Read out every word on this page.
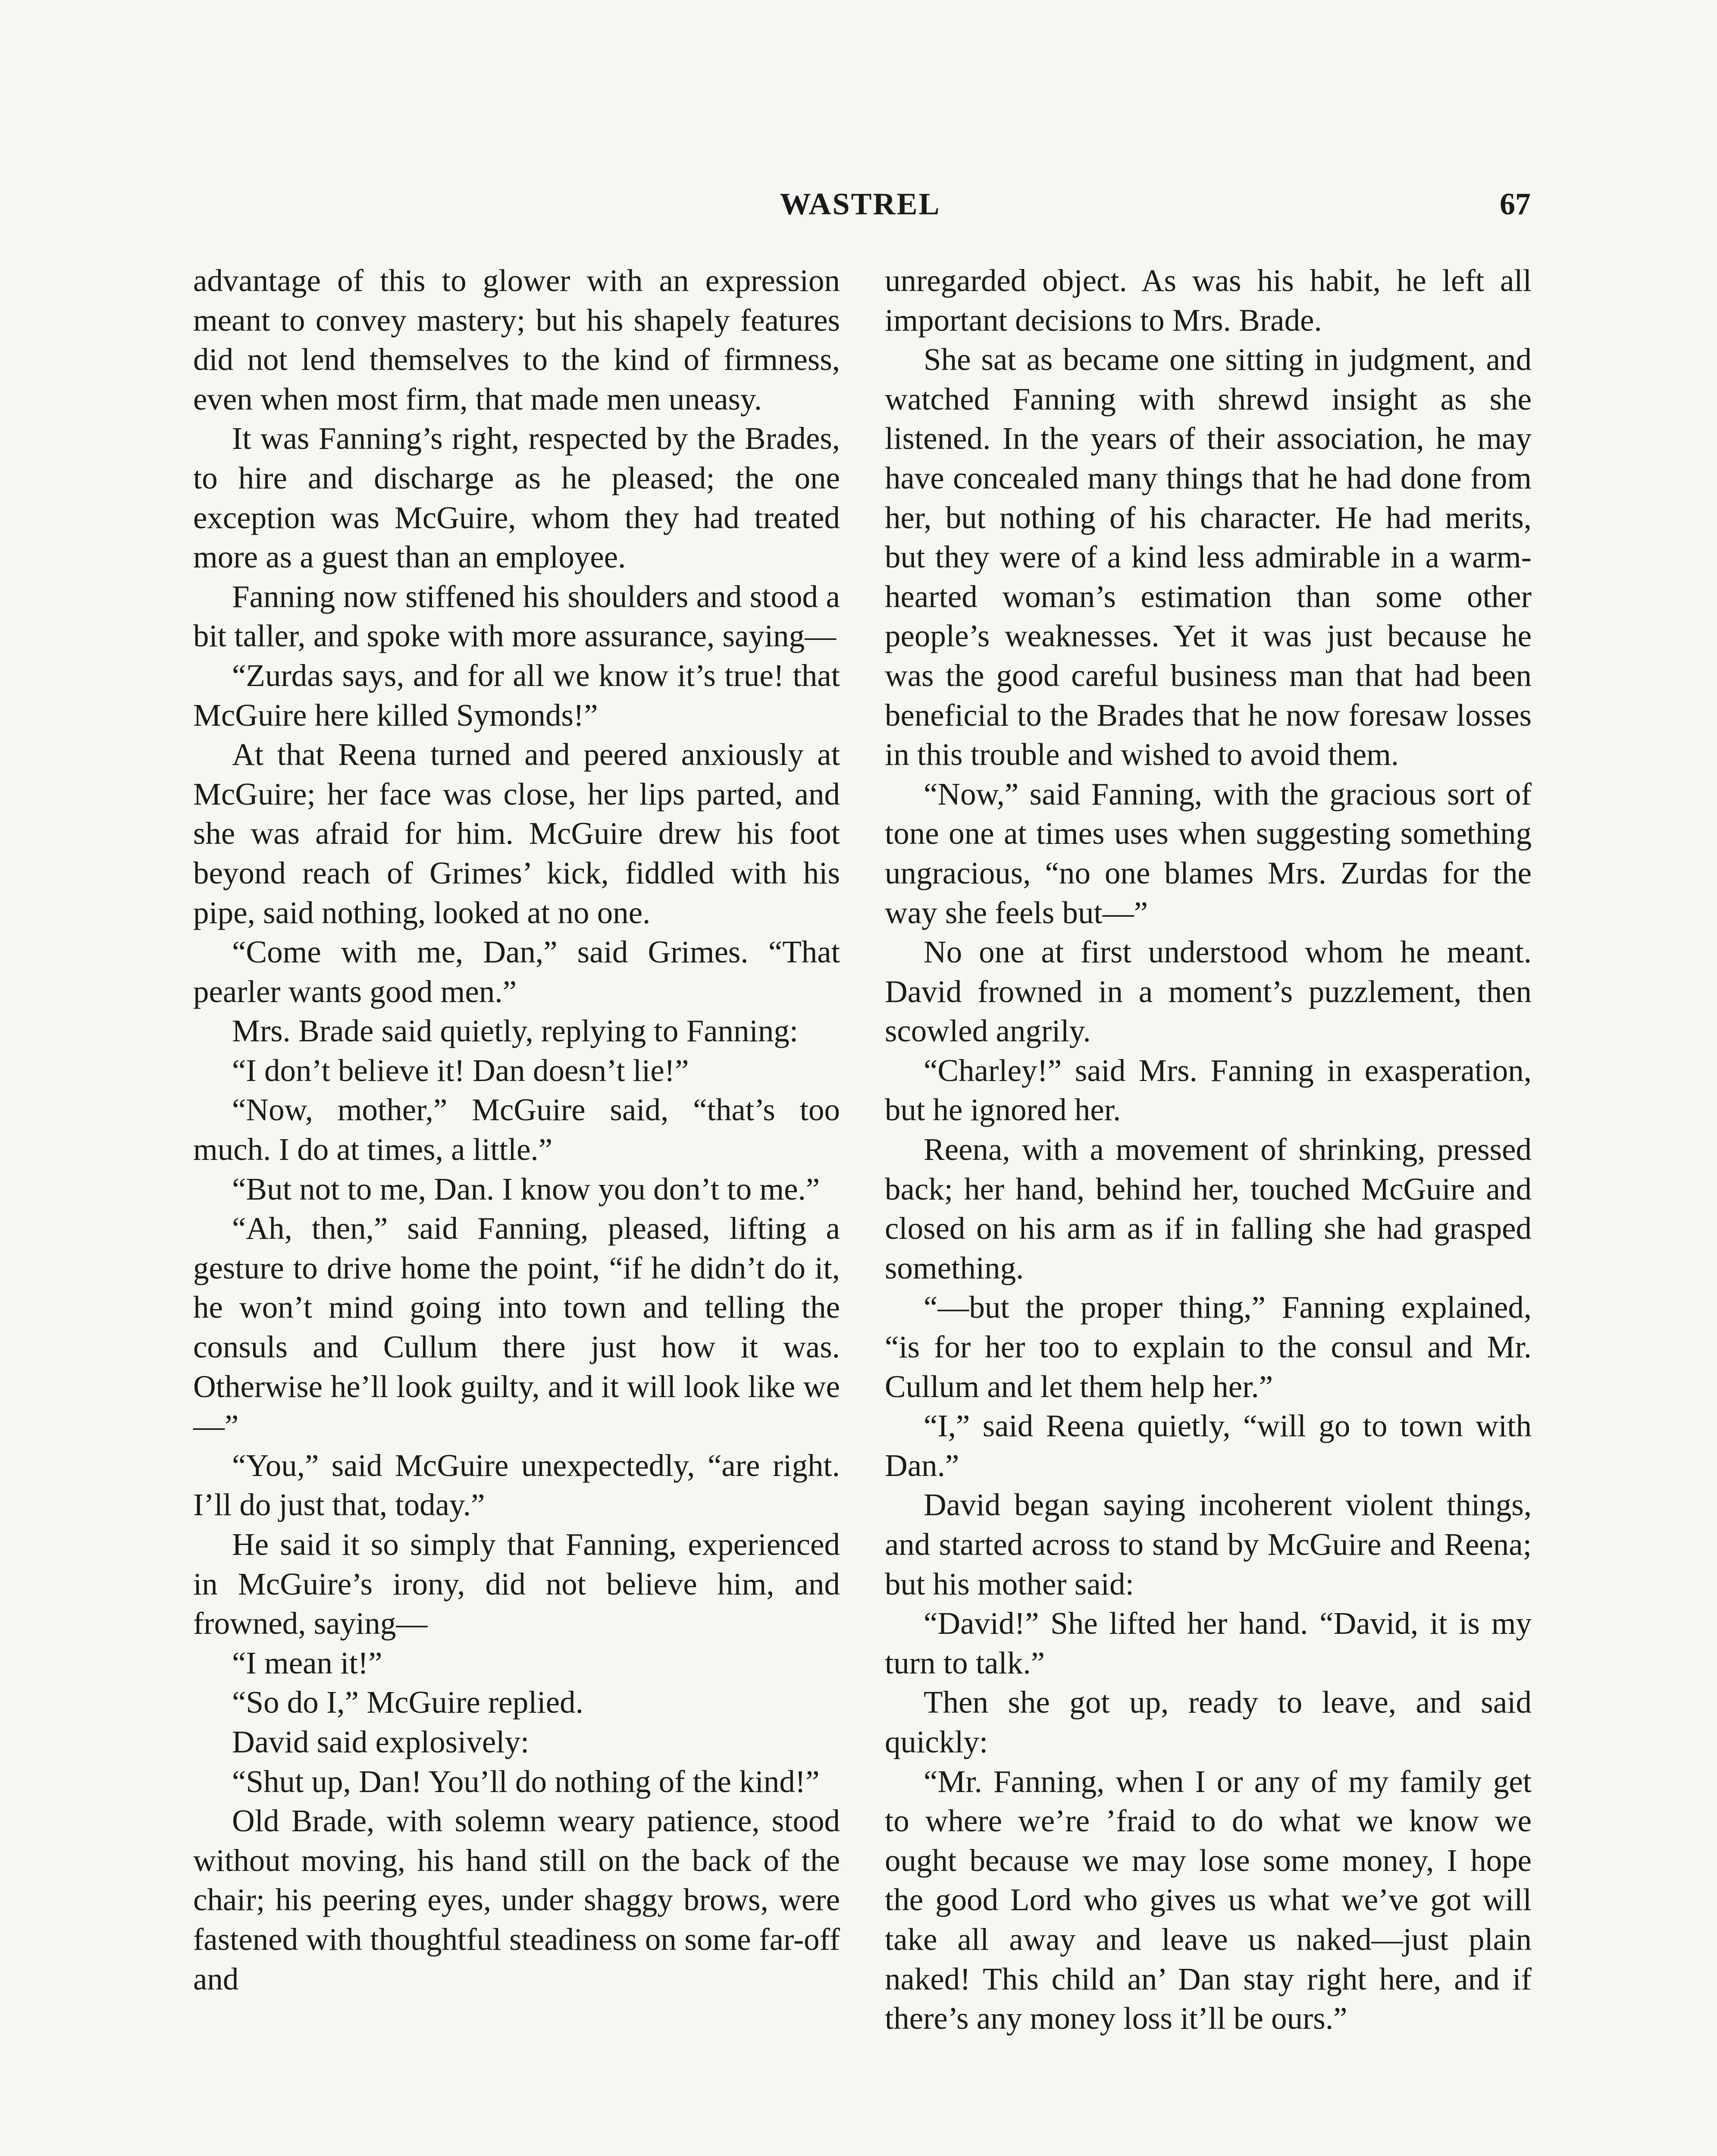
WASTREL	67

advantage of this to glower with an expression meant to convey mastery; but his shapely features did not lend themselves to the kind of firmness, even when most firm, that made men uneasy.

It was Fanning’s right, respected by the Brades, to hire and discharge as he pleased; the one exception was McGuire, whom they had treated more as a guest than an employee.

Fanning now stiffened his shoulders and stood a bit taller, and spoke with more assurance, saying—

“Zurdas says, and for all we know it’s true! that McGuire here killed Symonds!”

At that Reena turned and peered anxiously at McGuire; her face was close, her lips parted, and she was afraid for him. McGuire drew his foot beyond reach of Grimes’ kick, fiddled with his pipe, said nothing, looked at no one.

“Come with me, Dan,” said Grimes. “That pearler wants good men.”

Mrs. Brade said quietly, replying to Fanning:

“I don’t believe it! Dan doesn’t lie!”

“Now, mother,” McGuire said, “that’s too much. I do at times, a little.”

“But not to me, Dan. I know you don’t to me.”

“Ah, then,” said Fanning, pleased, lifting a gesture to drive home the point, “if he didn’t do it, he won’t mind going into town and telling the consuls and Cullum there just how it was. Otherwise he’ll look guilty, and it will look like we—”

“You,” said McGuire unexpectedly, “are right. I’ll do just that, today.”

He said it so simply that Fanning, experienced in McGuire’s irony, did not believe him, and frowned, saying—

“I mean it!”

“So do I,” McGuire replied.

David said explosively:

“Shut up, Dan! You’ll do nothing of the kind!”

Old Brade, with solemn weary patience, stood without moving, his hand still on the back of the chair; his peering eyes, under shaggy brows, were fastened with thoughtful steadiness on some far-off and

unregarded object. As was his habit, he left all important decisions to Mrs. Brade.

She sat as became one sitting in judgment, and watched Fanning with shrewd insight as she listened. In the years of their association, he may have concealed many things that he had done from her, but nothing of his character. He had merits, but they were of a kind less admirable in a warm-hearted woman’s estimation than some other people’s weaknesses. Yet it was just because he was the good careful business man that had been beneficial to the Brades that he now foresaw losses in this trouble and wished to avoid them.

“Now,” said Fanning, with the gracious sort of tone one at times uses when suggesting something ungracious, “no one blames Mrs. Zurdas for the way she feels but—”

No one at first understood whom he meant. David frowned in a moment’s puzzlement, then scowled angrily.

“Charley!” said Mrs. Fanning in exasperation, but he ignored her.

Reena, with a movement of shrinking, pressed back; her hand, behind her, touched McGuire and closed on his arm as if in falling she had grasped something.

“—but the proper thing,” Fanning explained, “is for her too to explain to the consul and Mr. Cullum and let them help her.”

“I,” said Reena quietly, “will go to town with Dan.”

David began saying incoherent violent things, and started across to stand by McGuire and Reena; but his mother said:

“David!” She lifted her hand. “David, it is my turn to talk.”

Then she got up, ready to leave, and said quickly:

“Mr. Fanning, when I or any of my family get to where we’re ’fraid to do what we know we ought because we may lose some money, I hope the good Lord who gives us what we’ve got will take all away and leave us naked—just plain naked! This child an’ Dan stay right here, and if there’s any money loss it’ll be ours.”
